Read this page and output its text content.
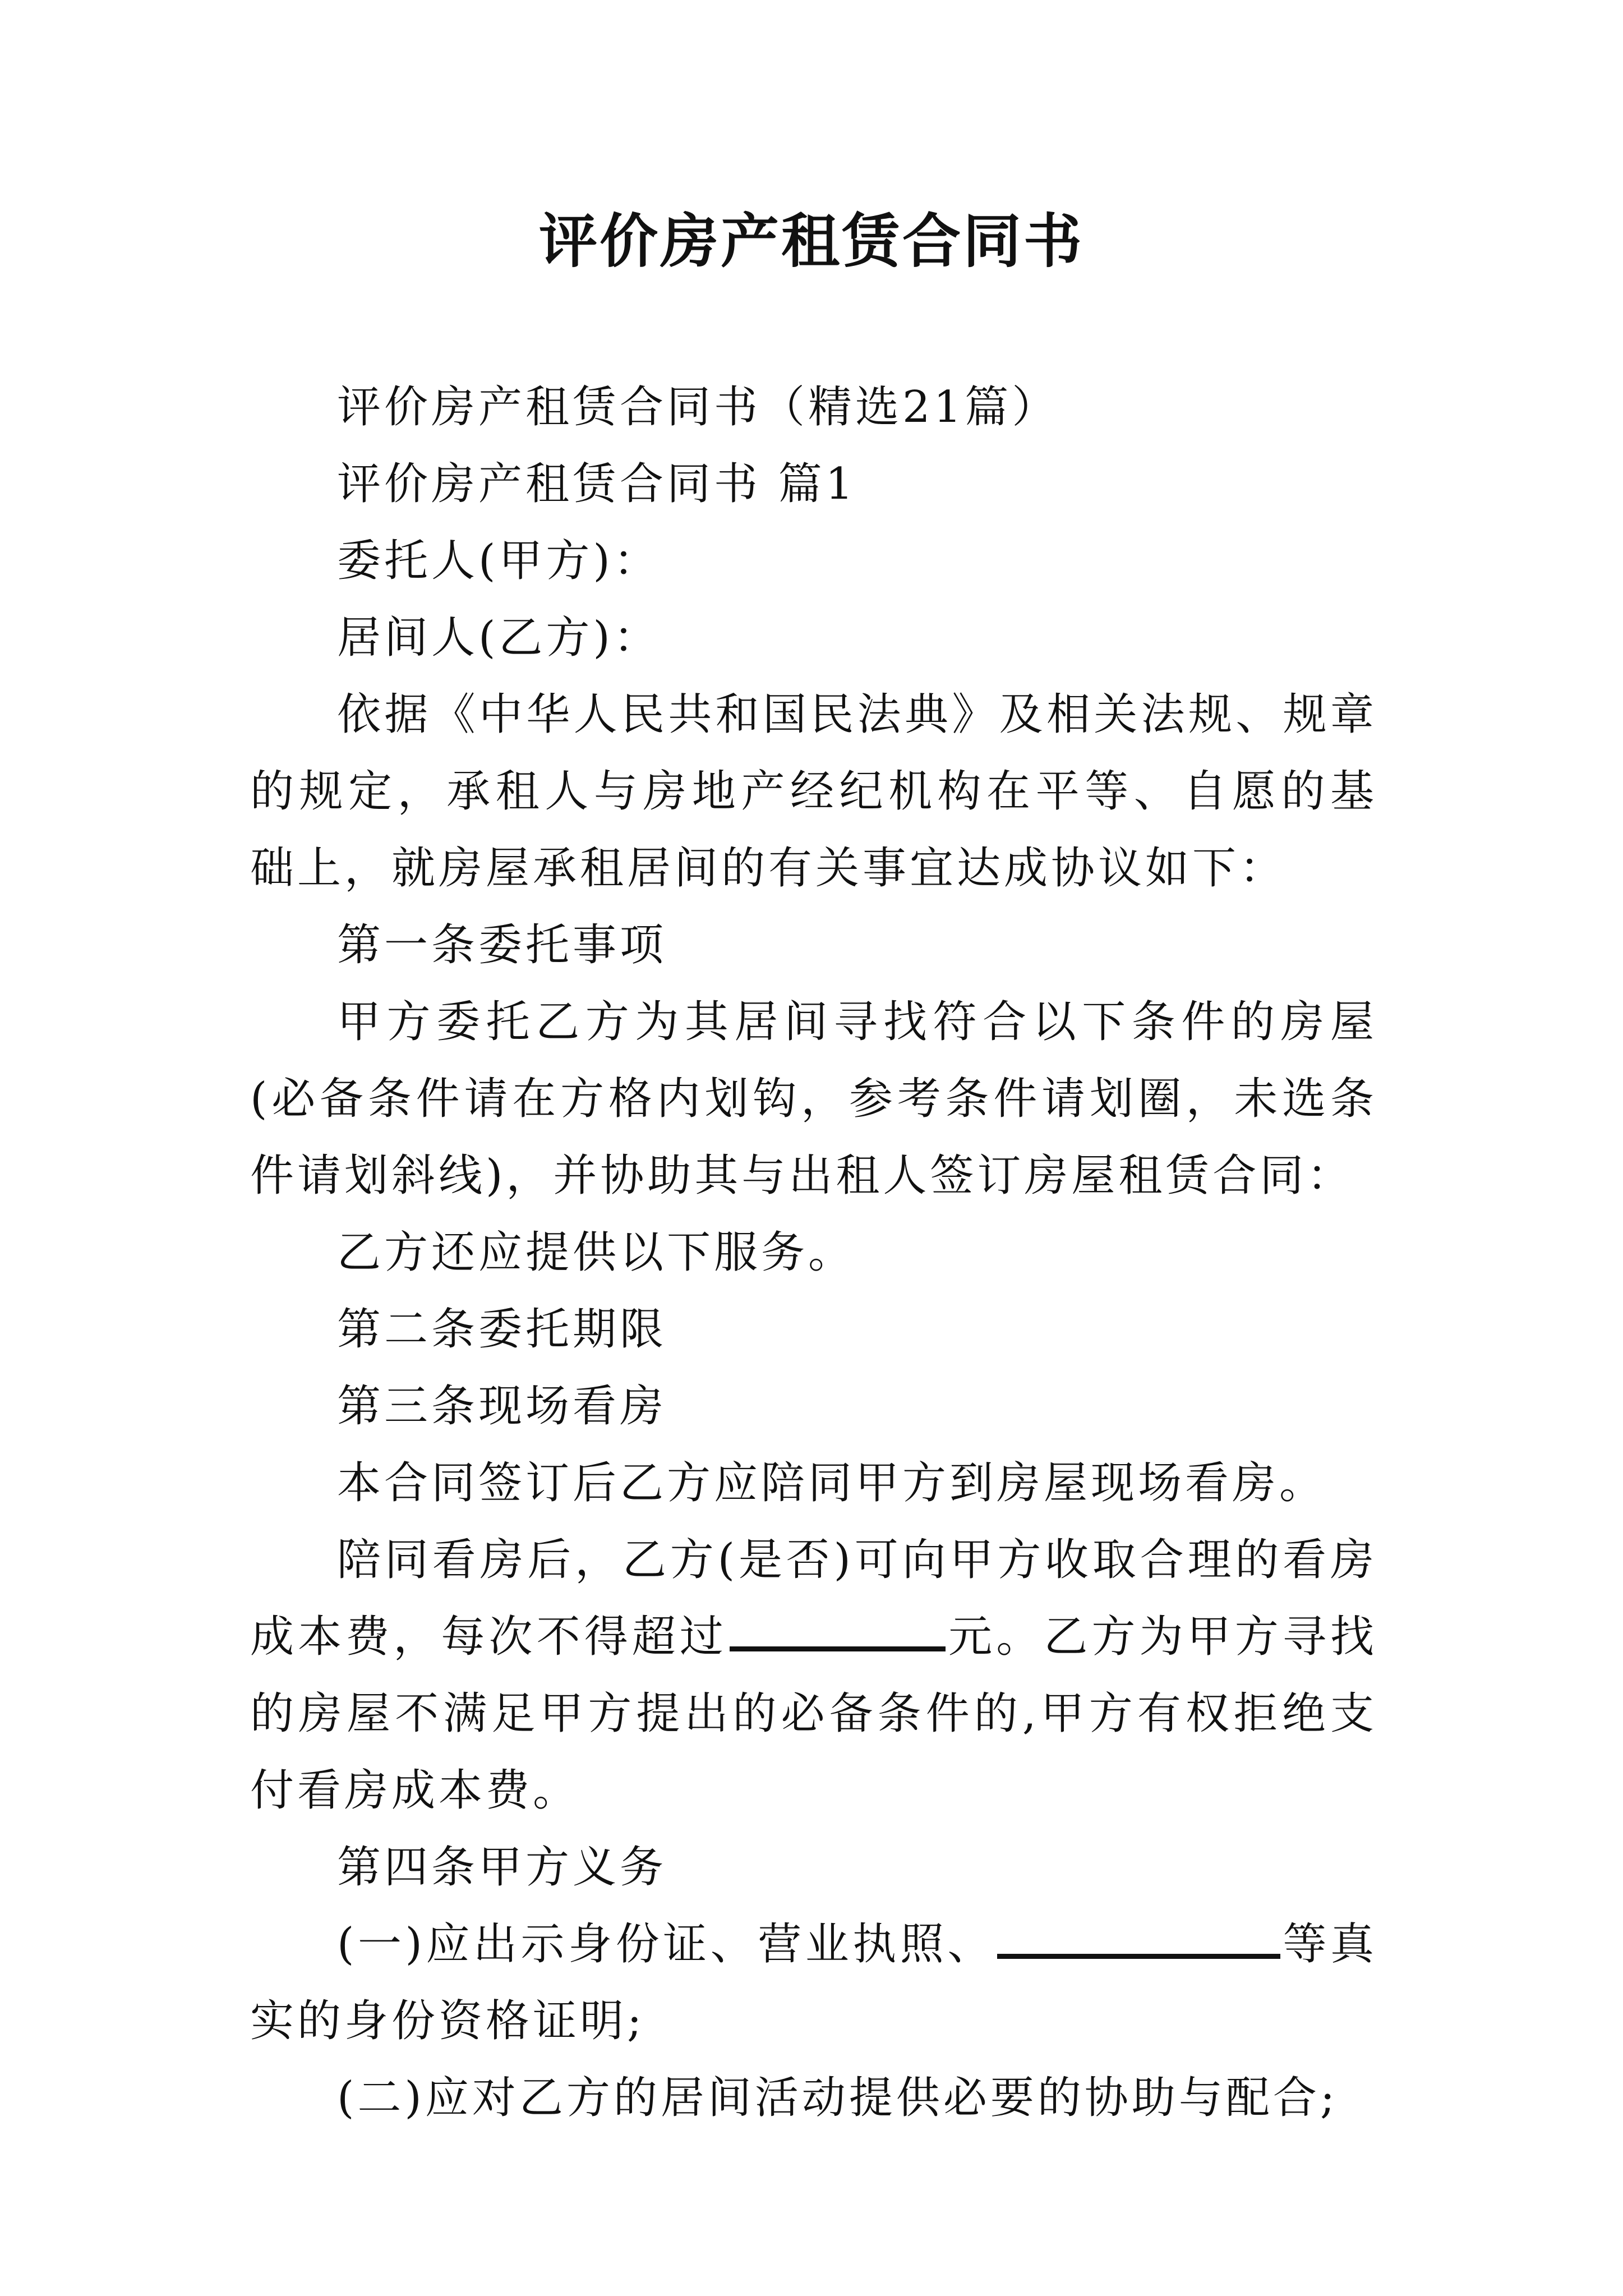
评价房产租赁合同书

评价房产租赁合同书（精选21篇）

评价房产租赁合同书 篇1

委托人(甲方)：

居间人(乙方)：

依据《中华人民共和国民法典》及相关法规、规章的规定，承租人与房地产经纪机构在平等、自愿的基础上，就房屋承租居间的有关事宜达成协议如下：

第一条委托事项

甲方委托乙方为其居间寻找符合以下条件的房屋(必备条件请在方格内划钩，参考条件请划圈，未选条件请划斜线)，并协助其与出租人签订房屋租赁合同：

乙方还应提供以下服务。

第二条委托期限

第三条现场看房

本合同签订后乙方应陪同甲方到房屋现场看房。

陪同看房后，乙方(是否)可向甲方收取合理的看房成本费，每次不得超过	元。乙方为甲方寻找的房屋不满足甲方提出的必备条件的,甲方有权拒绝支付看房成本费。

第四条甲方义务

(一)应出示身份证、营业执照、	等真实的身份资格证明;

(二)应对乙方的居间活动提供必要的协助与配合;
